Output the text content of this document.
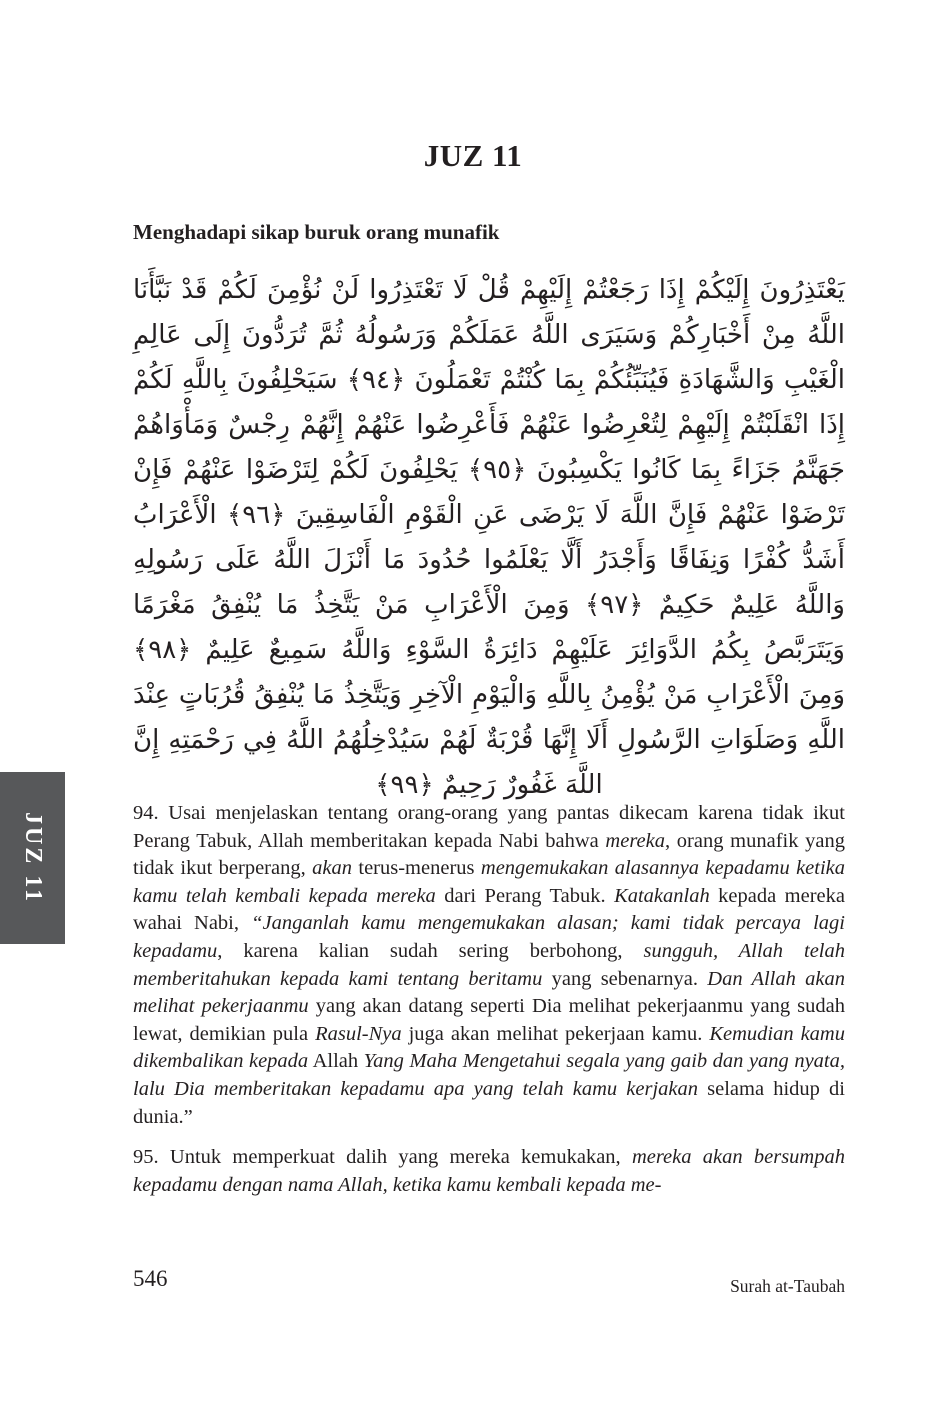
JUZ 11
Menghadapi sikap buruk orang munafik
يَعْتَذِرُونَ إِلَيْكُمْ إِذَا رَجَعْتُمْ إِلَيْهِمْ قُلْ لَا تَعْتَذِرُوا لَنْ نُؤْمِنَ لَكُمْ قَدْ نَبَّأَنَا اللَّهُ مِنْ أَخْبَارِكُمْ وَسَيَرَى اللَّهُ عَمَلَكُمْ وَرَسُولُهُ ثُمَّ تُرَدُّونَ إِلَى عَالِمِ الْغَيْبِ وَالشَّهَادَةِ فَيُنَبِّئُكُمْ بِمَا كُنْتُمْ تَعْمَلُونَ ﴿٩٤﴾ سَيَحْلِفُونَ بِاللَّهِ لَكُمْ إِذَا انْقَلَبْتُمْ إِلَيْهِمْ لِتُعْرِضُوا عَنْهُمْ فَأَعْرِضُوا عَنْهُمْ إِنَّهُمْ رِجْسٌ وَمَأْوَاهُمْ جَهَنَّمُ جَزَاءً بِمَا كَانُوا يَكْسِبُونَ ﴿٩٥﴾ يَحْلِفُونَ لَكُمْ لِتَرْضَوْا عَنْهُمْ فَإِنْ تَرْضَوْا عَنْهُمْ فَإِنَّ اللَّهَ لَا يَرْضَى عَنِ الْقَوْمِ الْفَاسِقِينَ ﴿٩٦﴾ الْأَعْرَابُ أَشَدُّ كُفْرًا وَنِفَاقًا وَأَجْدَرُ أَلَّا يَعْلَمُوا حُدُودَ مَا أَنْزَلَ اللَّهُ عَلَى رَسُولِهِ وَاللَّهُ عَلِيمٌ حَكِيمٌ ﴿٩٧﴾ وَمِنَ الْأَعْرَابِ مَنْ يَتَّخِذُ مَا يُنْفِقُ مَغْرَمًا وَيَتَرَبَّصُ بِكُمُ الدَّوَائِرَ عَلَيْهِمْ دَائِرَةُ السَّوْءِ وَاللَّهُ سَمِيعٌ عَلِيمٌ ﴿٩٨﴾ وَمِنَ الْأَعْرَابِ مَنْ يُؤْمِنُ بِاللَّهِ وَالْيَوْمِ الْآخِرِ وَيَتَّخِذُ مَا يُنْفِقُ قُرُبَاتٍ عِنْدَ اللَّهِ وَصَلَوَاتِ الرَّسُولِ أَلَا إِنَّهَا قُرْبَةٌ لَهُمْ سَيُدْخِلُهُمُ اللَّهُ فِي رَحْمَتِهِ إِنَّ اللَّهَ غَفُورٌ رَحِيمٌ ﴿٩٩﴾
JUZ 11	94. Usai menjelaskan tentang orang-orang yang pantas dikecam karena tidak ikut Perang Tabuk, Allah memberitakan kepada Nabi bahwa mereka, orang munafik yang tidak ikut berperang, akan terus-menerus mengemukakan alasannya kepadamu ketika kamu telah kembali kepada mereka dari Perang Tabuk. Katakanlah kepada mereka wahai Nabi, “Janganlah kamu mengemukakan alasan; kami tidak percaya lagi kepadamu, karena kalian sudah sering berbohong, sungguh, Allah telah memberitahukan kepada kami tentang beritamu yang sebenarnya. Dan Allah akan melihat pekerjaanmu yang akan datang seperti Dia melihat pekerjaanmu yang sudah lewat, demikian pula Rasul-Nya juga akan melihat pekerjaan kamu. Kemudian kamu dikembalikan kepada Allah Yang Maha Mengetahui segala yang gaib dan yang nyata, lalu Dia memberitakan kepadamu apa yang telah kamu kerjakan selama hidup di dunia.”

95. Untuk memperkuat dalih yang mereka kemukakan, mereka akan bersumpah kepadamu dengan nama Allah, ketika kamu kembali kepada me-

546	Surah at-Taubah
